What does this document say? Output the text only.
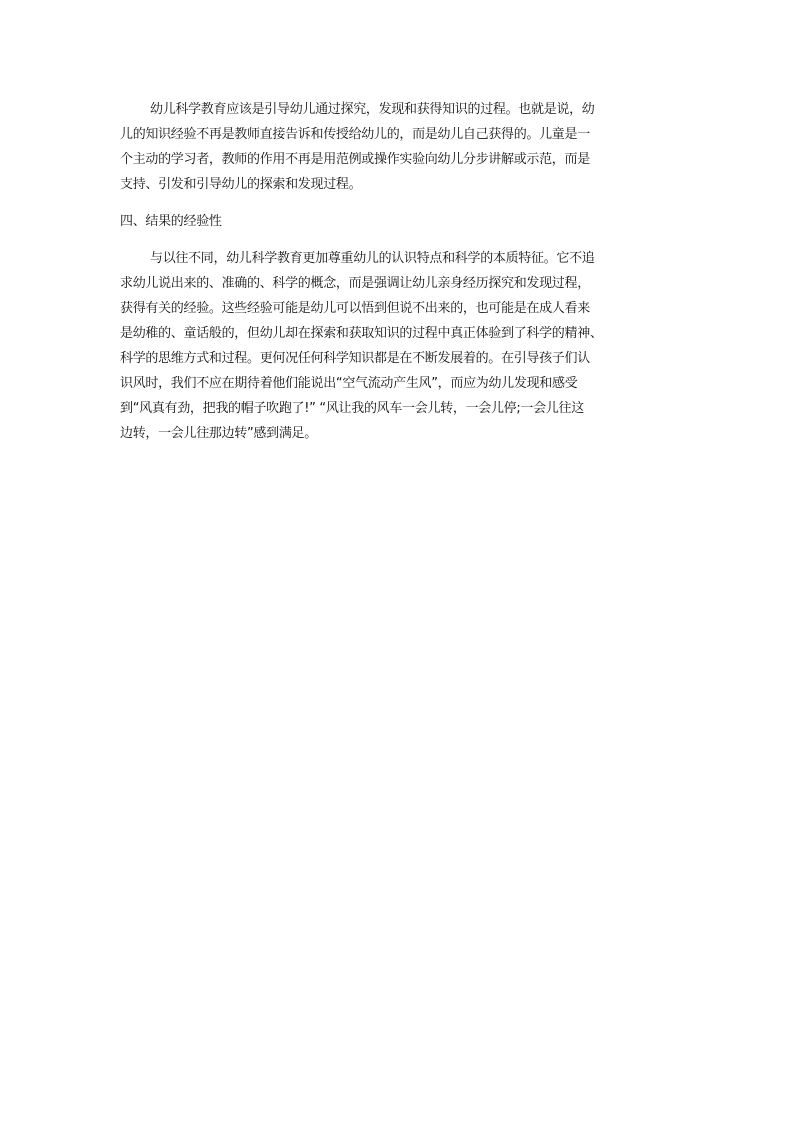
幼儿科学教育应该是引导幼儿通过探究，发现和获得知识的过程。也就是说，幼
儿的知识经验不再是教师直接告诉和传授给幼儿的，而是幼儿自己获得的。儿童是一
个主动的学习者，教师的作用不再是用范例或操作实验向幼儿分步讲解或示范，而是
支持、引发和引导幼儿的探索和发现过程。
四、结果的经验性
与以往不同，幼儿科学教育更加尊重幼儿的认识特点和科学的本质特征。它不追
求幼儿说出来的、准确的、科学的概念，而是强调让幼儿亲身经历探究和发现过程，
获得有关的经验。这些经验可能是幼儿可以悟到但说不出来的，也可能是在成人看来
是幼稚的、童话般的，但幼儿却在探索和获取知识的过程中真正体验到了科学的精神、
科学的思维方式和过程。更何况任何科学知识都是在不断发展着的。在引导孩子们认
识风时，我们不应在期待着他们能说出“空气流动产生风”，而应为幼儿发现和感受
到“风真有劲，把我的帽子吹跑了!” “风让我的风车一会儿转，一会儿停;一会儿往这
边转，一会儿往那边转”感到满足。
